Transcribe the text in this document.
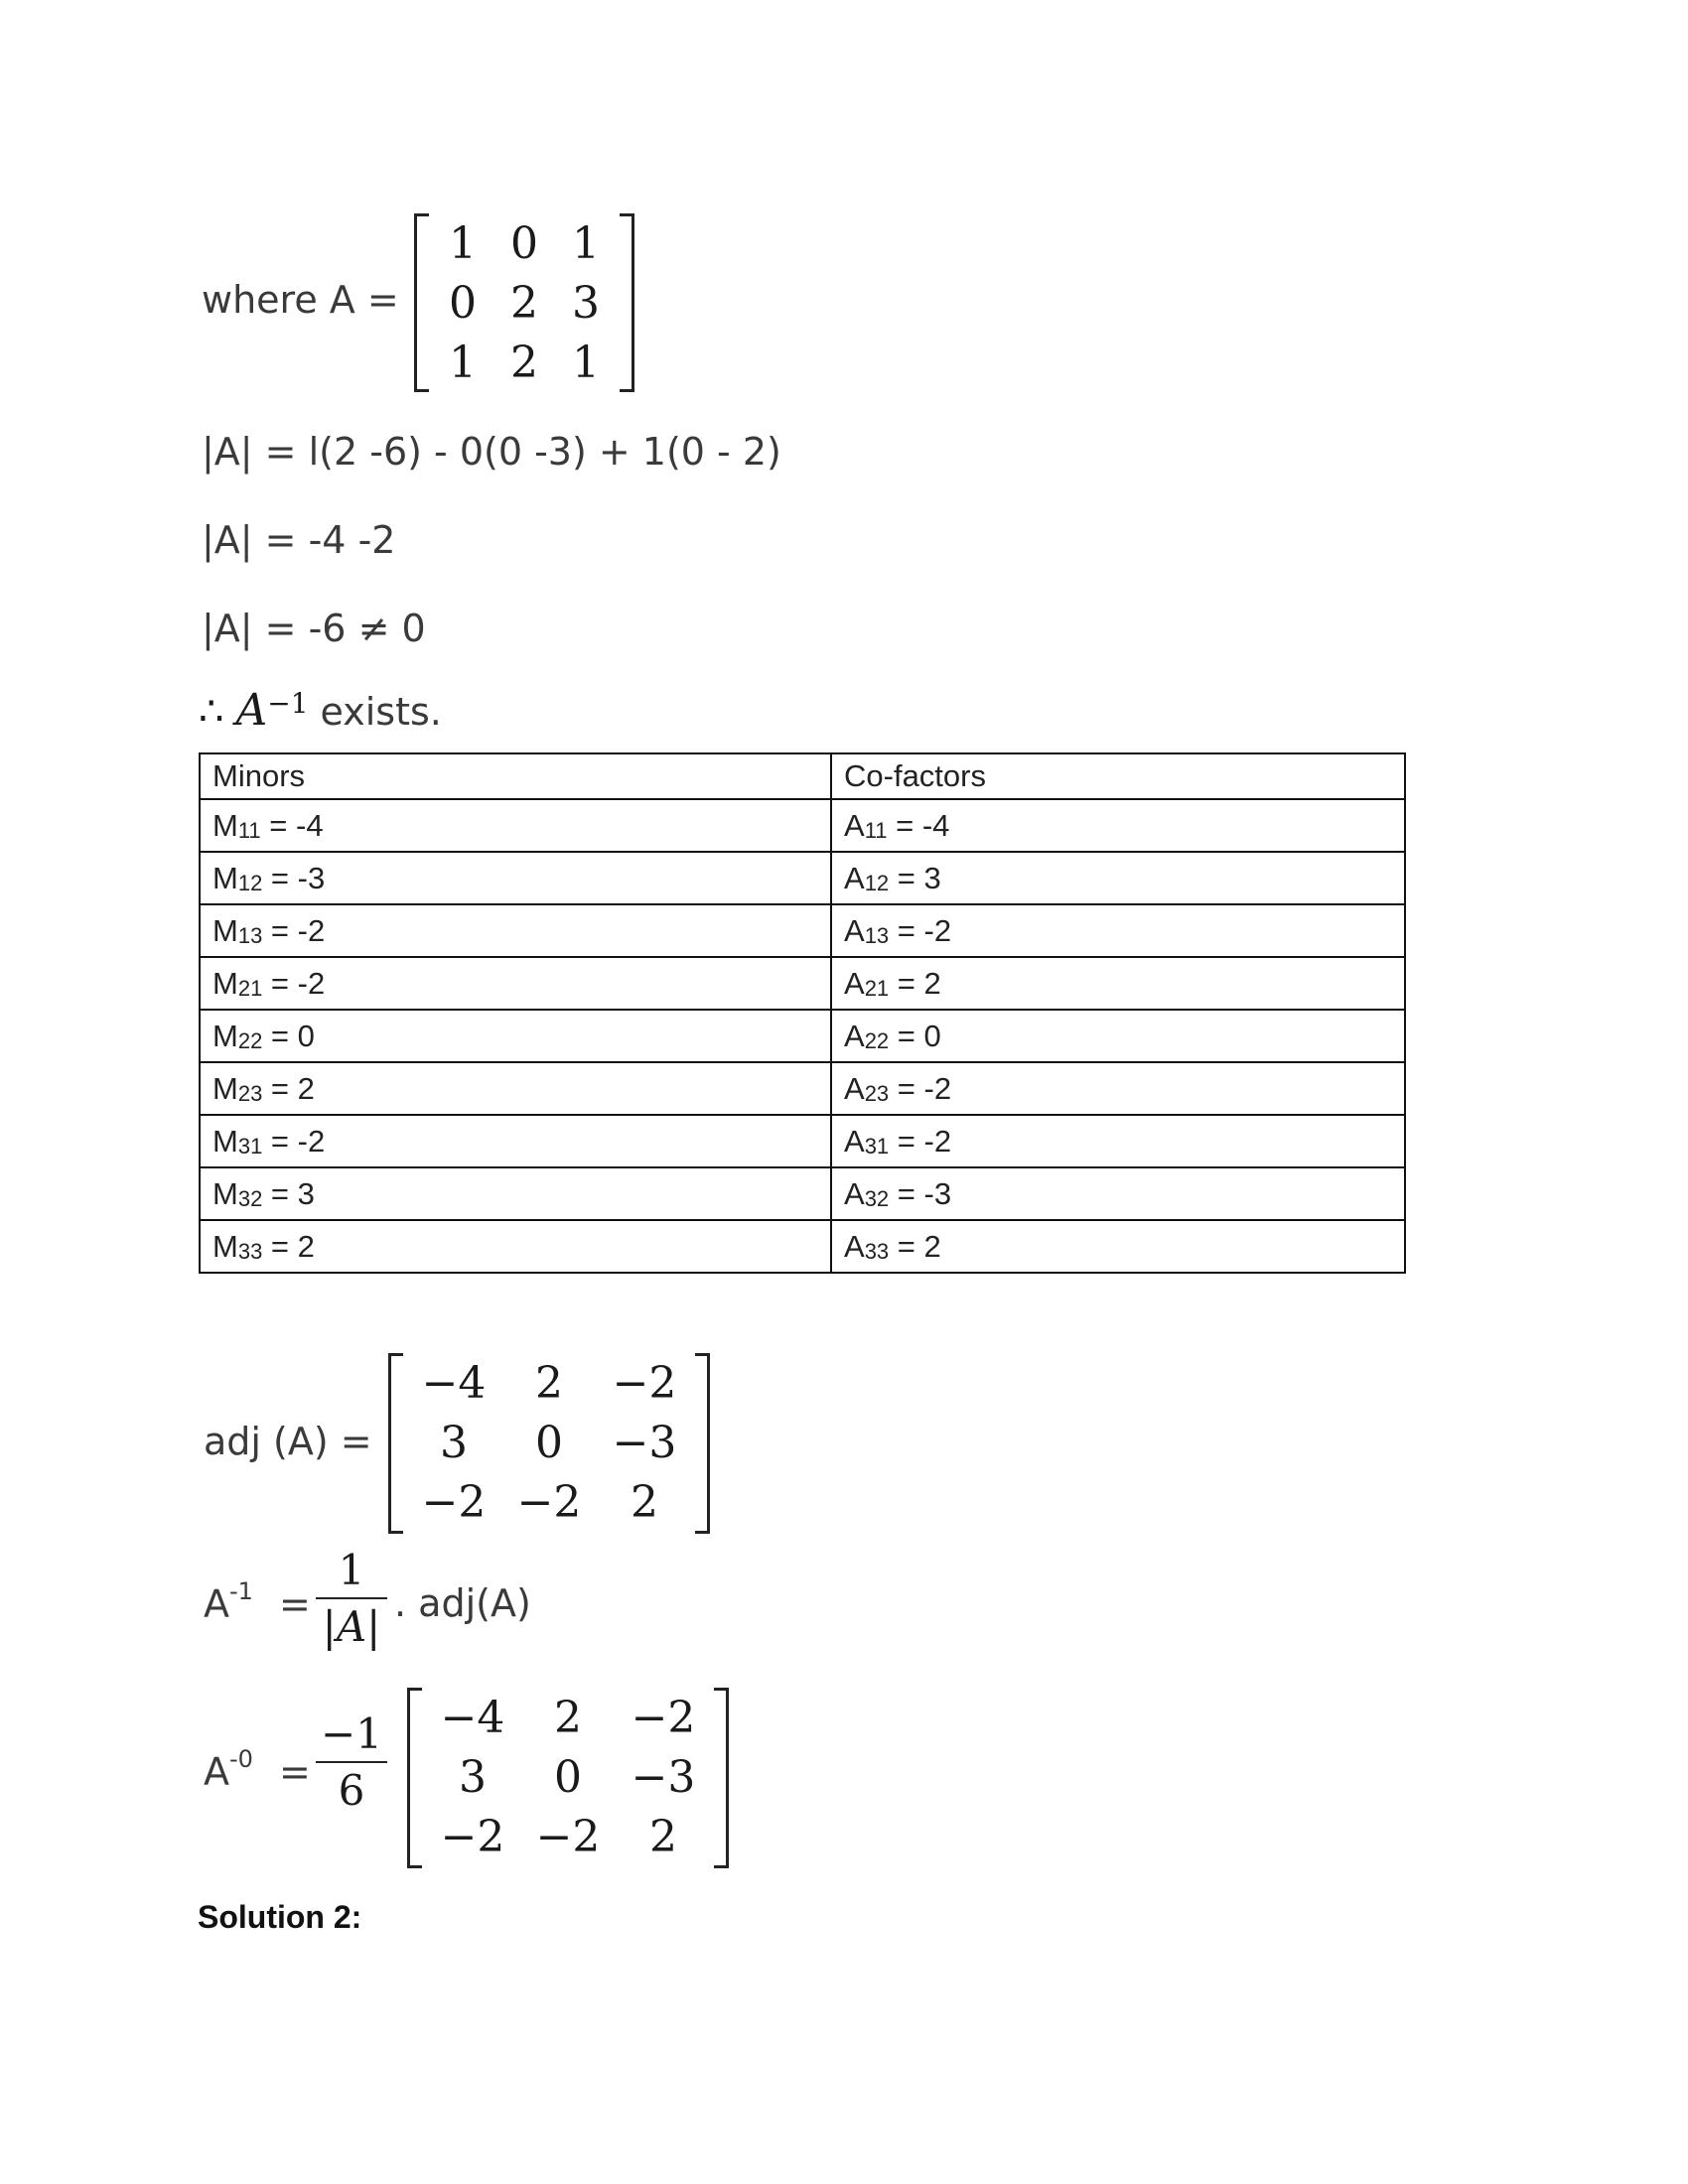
where A =
1	0	1
0	2	3
1	2	1
|A| = l(2 -6) - 0(0 -3) + 1(0 - 2)
|A| = -4 -2
|A| = -6 ≠ 0
∴ $A^{-1}$ exists.
Minors	Co-factors
M11 = -4	A11 = -4
M12 = -3	A12 = 3
M13 = -2	A13 = -2
M21 = -2	A21 = 2
M22 = 0	A22 = 0
M23 = 2	A23 = -2
M31 = -2	A31 = -2
M32 = 3	A32 = -3
M33 = 2	A33 = 2
adj (A) =
−4	2	−2
3	0	−3
−2	−2	2
$A^{-1}$ =
1
|A| . adj(A)
$A^{-0}$ =
−1
6
−4	2	−2
3	0	−3
−2	−2	2
Solution 2:
